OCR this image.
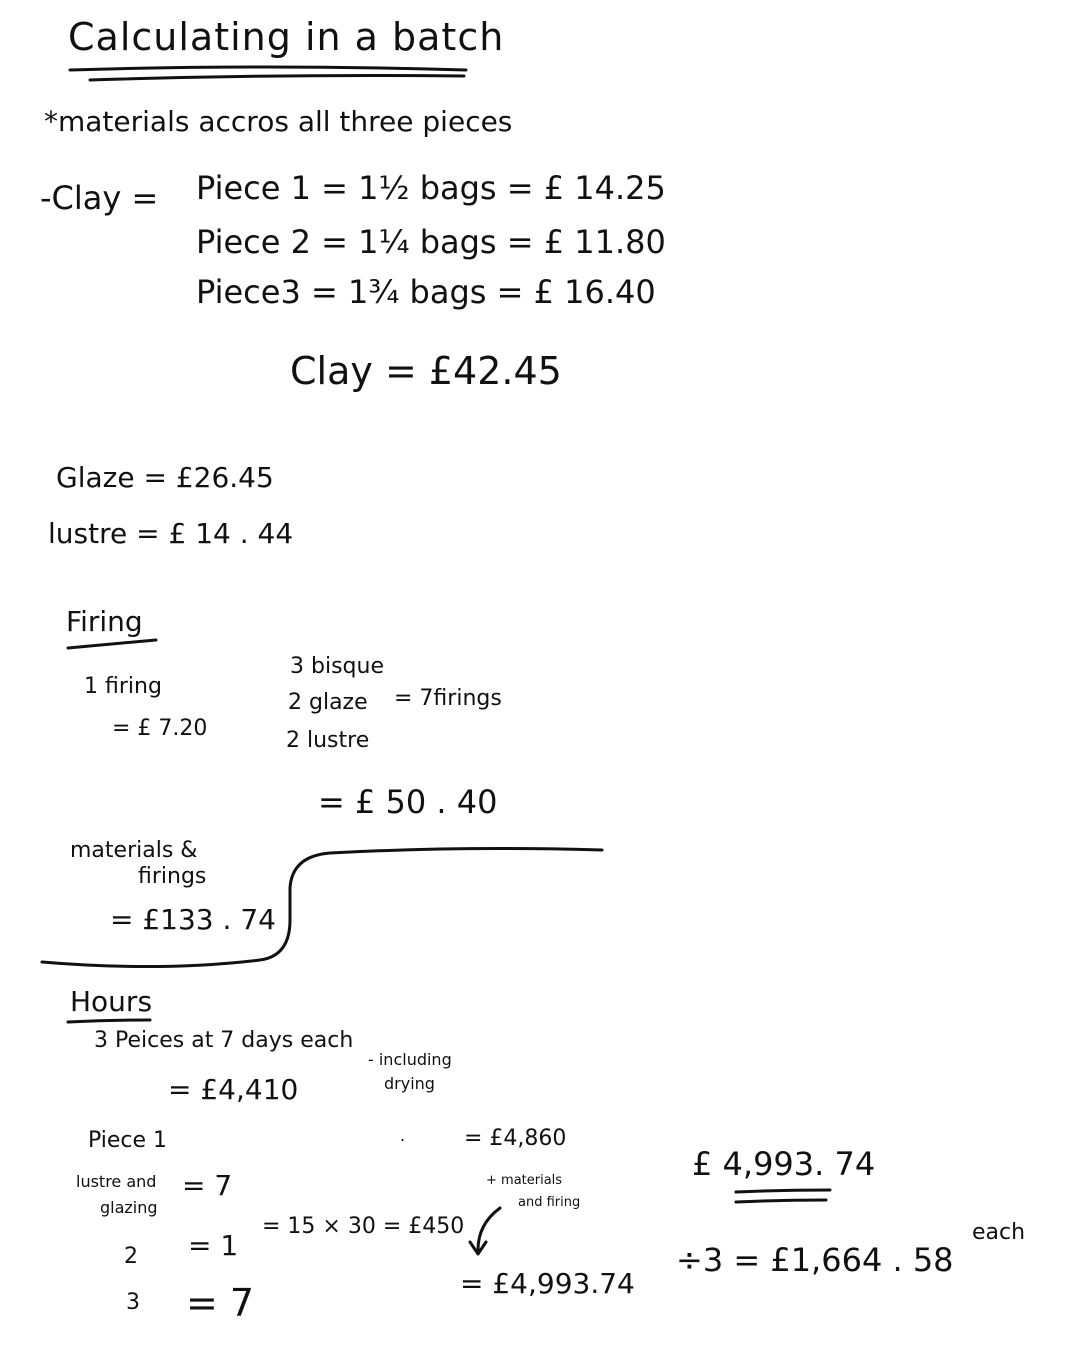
Calculating in a batch
*materials accros all three pieces
-Clay = Piece 1 = 1½ bags = £ 14.25
Piece 2 = 1¼ bags = £ 11.80
Piece3 = 1¾ bags = £ 16.40
Clay = £42.45
Glaze = £26.45
lustre = £ 14 . 44
Firing
1 firing
= £ 7.20
3 bisque
2 glaze
2 lustre
= 7firings
= £ 50 . 40
materials &
firings
= £133 . 74
Hours
3 Peices at 7 days each
- including
drying
= £4,410
Piece 1
lustre and
glazing
= 7
2 = 1
3 = 7
= 15 × 30 = £450
.	= £4,860
+ materials
and firing
= £4,993.74
£ 4,993. 74
÷3 = £1,664 . 58
each
